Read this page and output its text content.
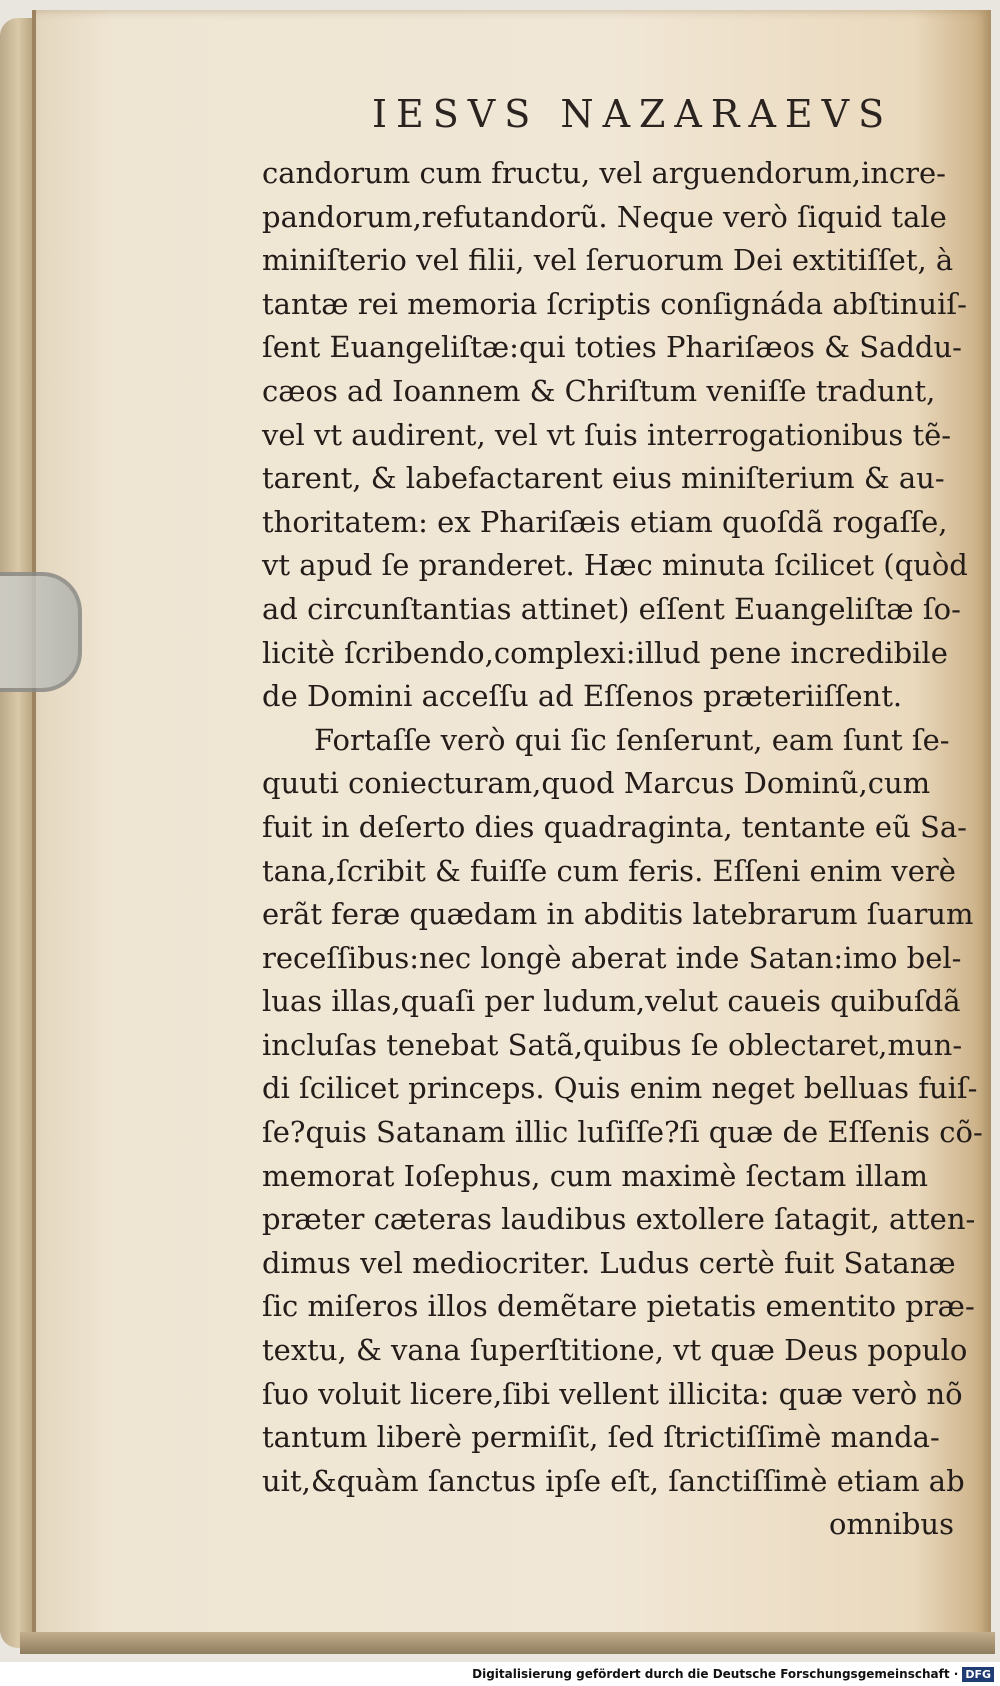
IESVS NAZARAEVS
candorum cum fructu, vel arguendorum,incre-
pandorum,refutandorũ. Neque verò ſiquid tale
miniſterio vel filii, vel ſeruorum Dei extitiſſet, à
tantæ rei memoria ſcriptis conſignáda abſtinuiſ-
ſent Euangeliſtæ:qui toties Phariſæos & Saddu-
cæos ad Ioannem & Chriſtum veniſſe tradunt,
vel vt audirent, vel vt ſuis interrogationibus tẽ-
tarent, & labefactarent eius miniſterium & au-
thoritatem: ex Phariſæis etiam quoſdã rogaſſe,
vt apud ſe pranderet. Hæc minuta ſcilicet (quòd
ad circunſtantias attinet) eſſent Euangeliſtæ ſo-
licitè ſcribendo,complexi:illud pene incredibile
de Domini acceſſu ad Eſſenos præteriiſſent.
Fortaſſe verò qui ſic ſenſerunt, eam ſunt ſe-
quuti coniecturam,quod Marcus Dominũ,cum
fuit in deſerto dies quadraginta, tentante eũ Sa-
tana,ſcribit & fuiſſe cum feris. Eſſeni enim verè
erãt feræ quædam in abditis latebrarum ſuarum
receſſibus:nec longè aberat inde Satan:imo bel-
luas illas,quaſi per ludum,velut caueis quibuſdã
incluſas tenebat Satã,quibus ſe oblectaret,mun-
di ſcilicet princeps. Quis enim neget belluas fuiſ-
ſe?quis Satanam illic luſiſſe?ſi quæ de Eſſenis cõ-
memorat Ioſephus, cum maximè ſectam illam
præter cæteras laudibus extollere ſatagit, atten-
dimus vel mediocriter. Ludus certè fuit Satanæ
ſic miſeros illos demẽtare pietatis ementito præ-
textu, & vana ſuperſtitione, vt quæ Deus populo
ſuo voluit licere,ſibi vellent illicita: quæ verò nõ
tantum liberè permiſit, ſed ſtrictiſſimè manda-
uit,&quàm ſanctus ipſe eſt, ſanctiſſimè etiam ab
omnibus
Digitalisierung gefördert durch die Deutsche Forschungsgemeinschaft · DFG
